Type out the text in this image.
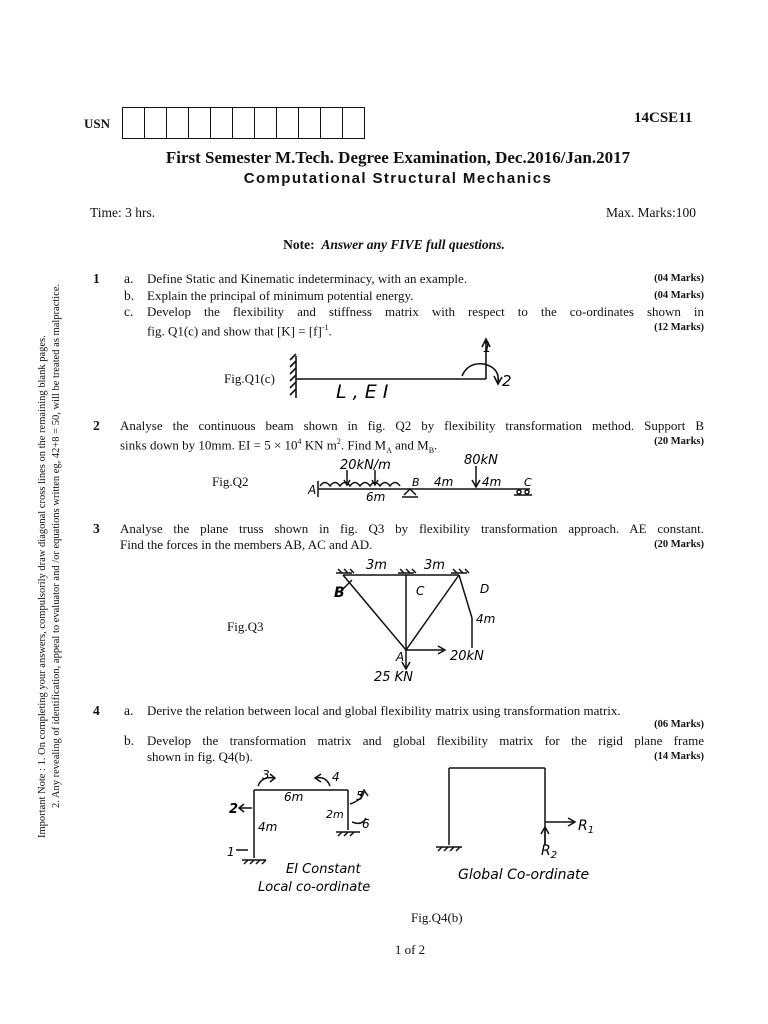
USN	14CSE11
First Semester M.Tech. Degree Examination, Dec.2016/Jan.2017
Computational Structural Mechanics
Time: 3 hrs.	Max. Marks:100
Note: Answer any FIVE full questions.
Important Note : 1. On completing your answers, compulsorily draw diagonal cross lines on the remaining blank pages. 2. Any revealing of identification, appeal to evaluator and /or equations written eg, 42+8 = 50, will be treated as malpractice.
1 a. Define Static and Kinematic indeterminacy, with an example.	(04 Marks)
b. Explain the principal of minimum potential energy.	(04 Marks)
c. Develop the flexibility and stiffness matrix with respect to the co-ordinates shown in
fig. Q1(c) and show that $[K] = [f]^{-1}$.	(12 Marks)
Fig.Q1(c)
L , E I
1
2
2 Analyse the continuous beam shown in fig. Q2 by flexibility transformation method. Support B
sinks down by 10mm. EI = $5 \times 10^4$ KN $m^2$. Find $M_A$ and $M_B$.	(20 Marks)
Fig.Q2
20kN/m	80kN
A
B	C
6m
4m 4m
3 Analyse the plane truss shown in fig. Q3 by flexibility transformation approach. AE constant.
Find the forces in the members AB, AC and AD.	(20 Marks)
Fig.Q3
3m	3m
B	C	D
A
4m
20kN
25 KN
4 a. Derive the relation between local and global flexibility matrix using transformation matrix.
(06 Marks)
b. Develop the transformation matrix and global flexibility matrix for the rigid plane frame
shown in fig. Q4(b).	(14 Marks)
3	4
5
2
1
6
6m
4m
2m
EI Constant
Local co-ordinate
$R_1$
$R_2$
Global Co-ordinate
Fig.Q4(b)
1 of 2
